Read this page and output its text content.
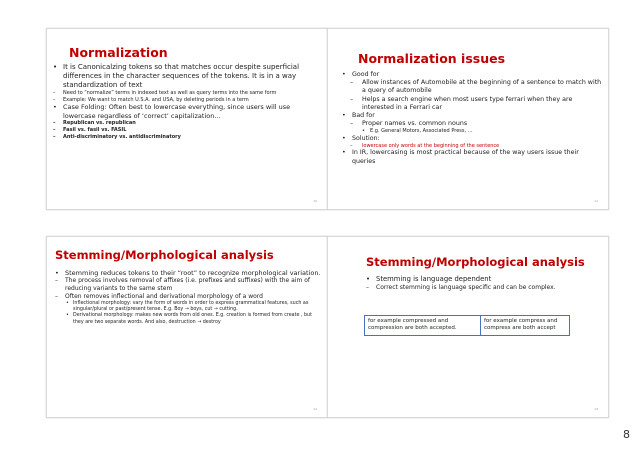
Normalization

• It is Canonicalzing tokens so that matches occur despite superficial differences in the character sequences of the tokens. It is in a way standardization of text

– Need to “normalize” terms in indexed text as well as query terms into the same form

– Example: We want to match U.S.A. and USA, by deleting periods in a term

• Case Folding: Often best to lowercase everything, since users will use lowercase regardless of ‘correct’ capitalization…

– Republican vs. republican

– Fasil vs. fasil vs. FASIL

– Anti-discriminatory vs. antidiscriminatory

10
Normalization issues

• Good for

– Allow instances of Automobile at the beginning of a sentence to match with a query of automobile

– Helps a search engine when most users type ferrari when they are interested in a Ferrari car

• Bad for

– Proper names vs. common nouns

• E.g. General Motors, Associated Press, …

• Solution:

– lowercase only words at the beginning of the sentence

• In IR, lowercasing is most practical because of the way users issue their queries

11
Stemming/Morphological analysis

• Stemming reduces tokens to their “root” to recognize morphological variation.

– The process involves removal of affixes (i.e. prefixes and suffixes) with the aim of reducing variants to the same stem

– Often removes inflectional and derivational morphology of a word

• Inflectional morphology: vary the form of words in order to express grammatical features, such as singular/plural or past/present tense. E.g. Boy → boys, cut → cutting.

• Derivational morphology: makes new words from old ones. E.g. creation is formed from create , but they are two separate words. And also, destruction → destroy

12
Stemming/Morphological analysis

• Stemming is language dependent

– Correct stemming is language specific and can be complex.

for example compressed and compression are both accepted.
for example compress and compress are both accept
13
8
